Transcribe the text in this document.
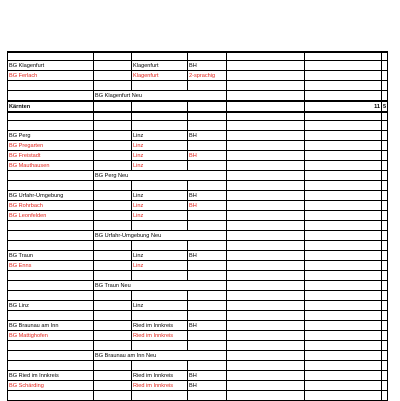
BG Klagenfurt		Klagenfurt	BH			
BG Ferlach		Klagenfurt	2-sprachig			

	BG Klagenfurt Neu					

Kärnten					11	5

BG Perg		Linz	BH			
BG Pregarten		Linz				
BG Freistadt		Linz	BH			
BG Mauthausen		Linz				

	BG Perg Neu					

BG Urfahr-Umgebung		Linz	BH			
BG Rohrbach		Linz	BH			
BG Leonfelden		Linz				

	BG Urfahr-Umgebung Neu					

BG Traun		Linz	BH			
BG Enns		Linz				

	BG Traun Neu					

BG Linz		Linz				

BG Braunau am Inn		Ried im Innkreis	BH			
BG Mattighofen		Ried im Innkreis				

	BG Braunau am Inn Neu					

BG Ried im Innkreis		Ried im Innkreis	BH			
BG Schärding		Ried im Innkreis	BH			
